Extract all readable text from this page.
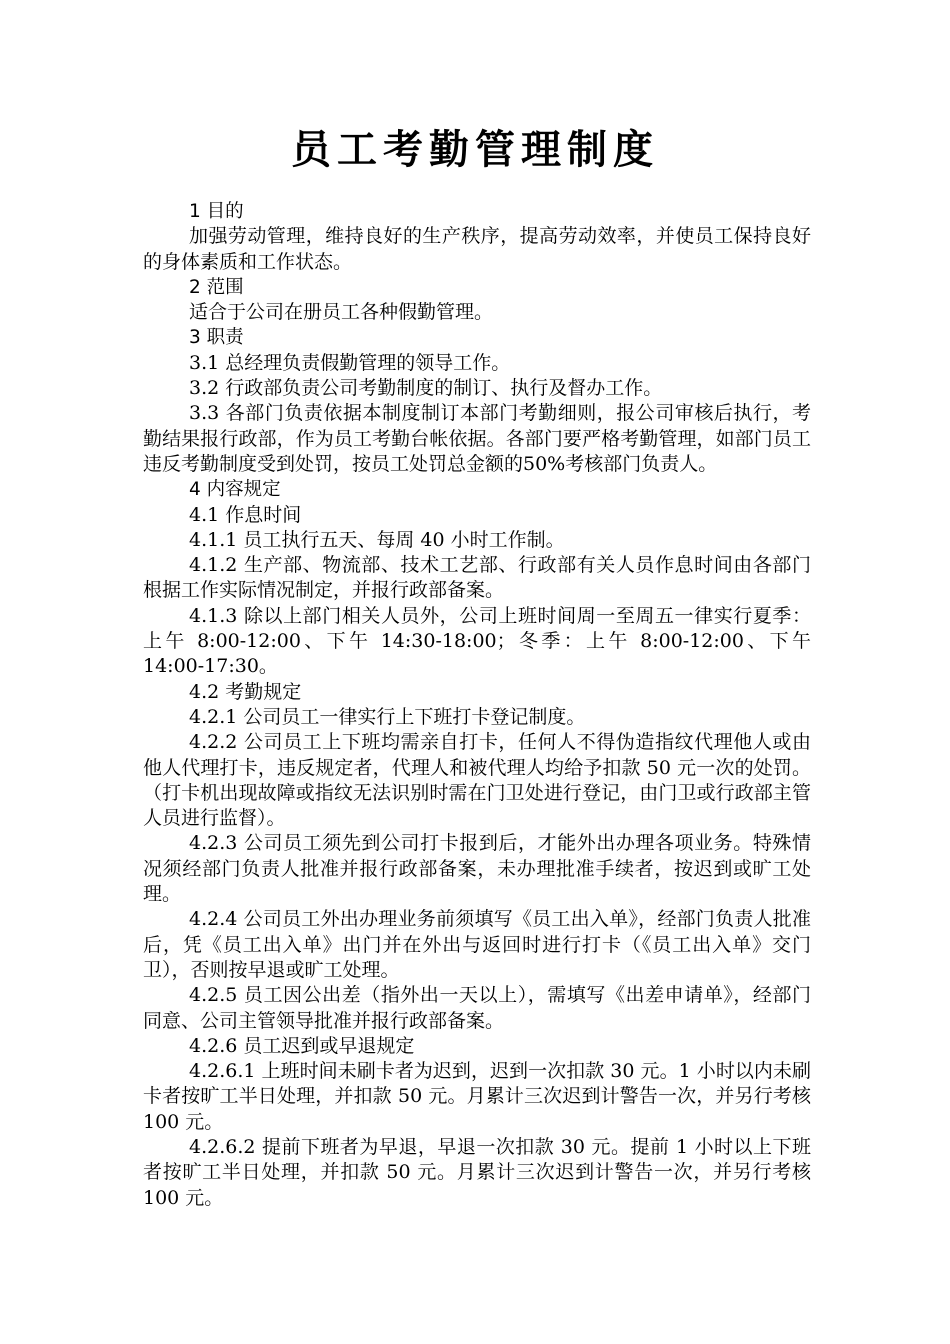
员工考勤管理制度

1 目的

加强劳动管理，维持良好的生产秩序，提高劳动效率，并使员工保持良好的身体素质和工作状态。

2 范围

适合于公司在册员工各种假勤管理。

3 职责

3.1 总经理负责假勤管理的领导工作。

3.2 行政部负责公司考勤制度的制订、执行及督办工作。

3.3 各部门负责依据本制度制订本部门考勤细则，报公司审核后执行，考勤结果报行政部，作为员工考勤台帐依据。各部门要严格考勤管理，如部门员工违反考勤制度受到处罚，按员工处罚总金额的50%考核部门负责人。

4 内容规定

4.1 作息时间

4.1.1 员工执行五天、每周 40 小时工作制。

4.1.2 生产部、物流部、技术工艺部、行政部有关人员作息时间由各部门根据工作实际情况制定，并报行政部备案。

4.1.3 除以上部门相关人员外，公司上班时间周一至周五一律实行夏季：上午 8:00-12:00、下午 14:30-18:00；冬季：上午 8:00-12:00、下午 14:00-17:30。

4.2 考勤规定

4.2.1 公司员工一律实行上下班打卡登记制度。

4.2.2 公司员工上下班均需亲自打卡，任何人不得伪造指纹代理他人或由他人代理打卡，违反规定者，代理人和被代理人均给予扣款 50 元一次的处罚。（打卡机出现故障或指纹无法识别时需在门卫处进行登记，由门卫或行政部主管人员进行监督）。

4.2.3 公司员工须先到公司打卡报到后，才能外出办理各项业务。特殊情况须经部门负责人批准并报行政部备案，未办理批准手续者，按迟到或旷工处理。

4.2.4 公司员工外出办理业务前须填写《员工出入单》，经部门负责人批准后，凭《员工出入单》出门并在外出与返回时进行打卡（《员工出入单》交门卫），否则按早退或旷工处理。

4.2.5 员工因公出差（指外出一天以上），需填写《出差申请单》，经部门同意、公司主管领导批准并报行政部备案。

4.2.6 员工迟到或早退规定

4.2.6.1 上班时间未刷卡者为迟到，迟到一次扣款 30 元。1 小时以内未刷卡者按旷工半日处理，并扣款 50 元。月累计三次迟到计警告一次，并另行考核 100 元。

4.2.6.2 提前下班者为早退，早退一次扣款 30 元。提前 1 小时以上下班者按旷工半日处理，并扣款 50 元。月累计三次迟到计警告一次，并另行考核 100 元。
